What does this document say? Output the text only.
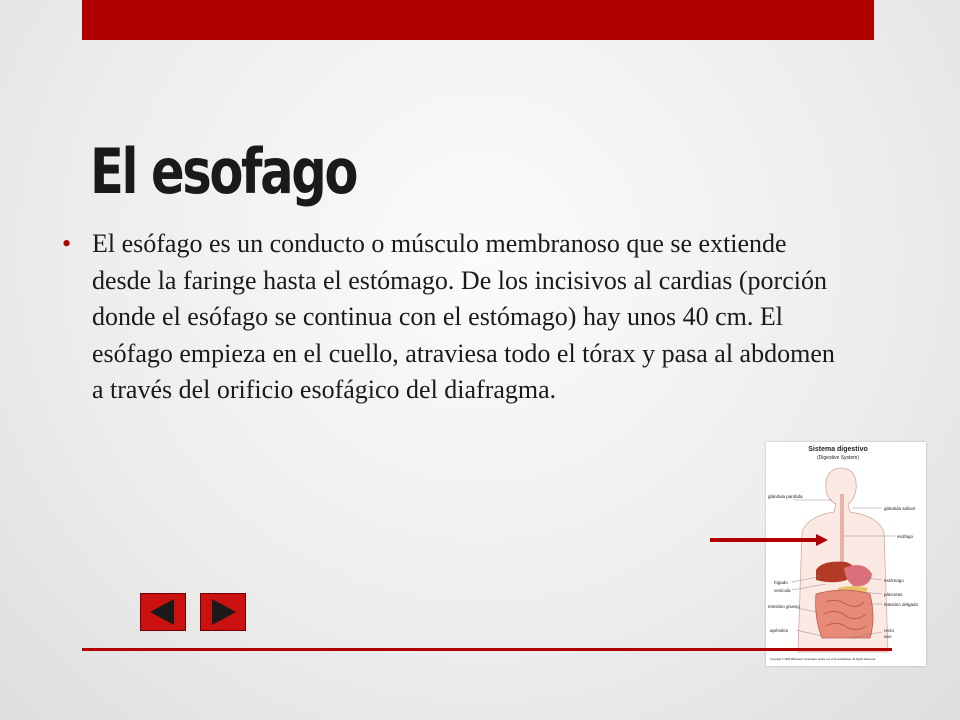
El esofago
• El esófago es un conducto o músculo membranoso que se extiende desde la faringe hasta el estómago. De los incisivos al cardias (porción donde el esófago se continua con el estómago) hay unos 40 cm. El esófago empieza en el cuello, atraviesa todo el tórax y pasa al abdomen a través del orificio esofágico del diafragma.
Sistema digestivo
(Digestive System)
glándula parótida
glándula salival
esófago
hígado
vesícula
estómago
páncreas
intestino delgado
intestino grueso
apéndice	recto
ano
Copyright © 2006 McKesson Corporation and/or one of its subsidiaries. All Rights Reserved.
